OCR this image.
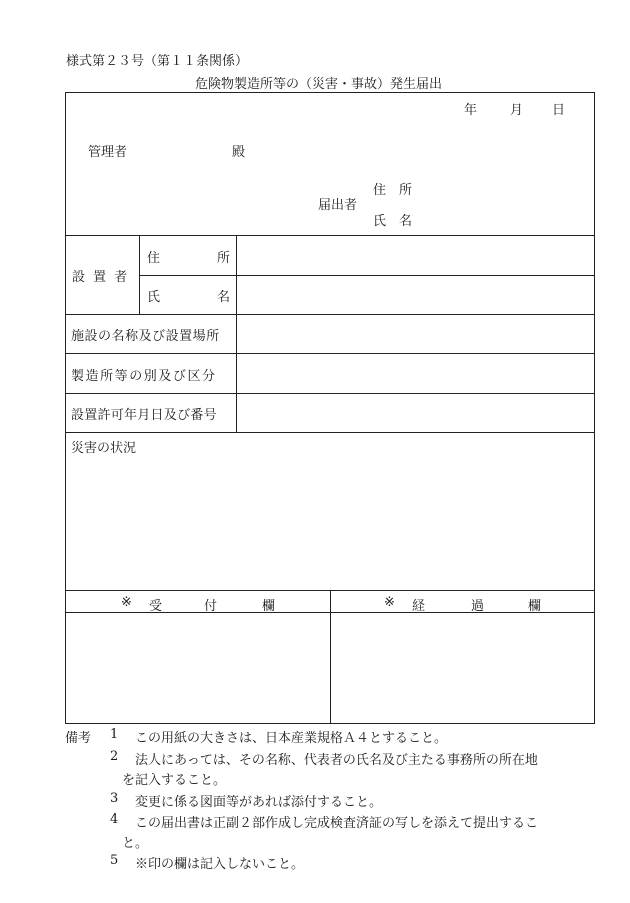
様式第２３号（第１１条関係）
危険物製造所等の（災害・事故）発生届出
年	月 日
管理者	殿
届出者
住　所
氏　名
設 置 者
住	所
氏	名
施設の名称及び設置場所
製造所等の別及び区分
設置許可年月日及び番号
災害の状況
※ 受	付	欄	※ 経	過	欄
備考 1 この用紙の大きさは、日本産業規格Ａ４とすること。
2 法人にあっては、その名称、代表者の氏名及び主たる事務所の所在地
を記入すること。
3 変更に係る図面等があれば添付すること。
4 この届出書は正副２部作成し完成検査済証の写しを添えて提出するこ
と。
5 ※印の欄は記入しないこと。
